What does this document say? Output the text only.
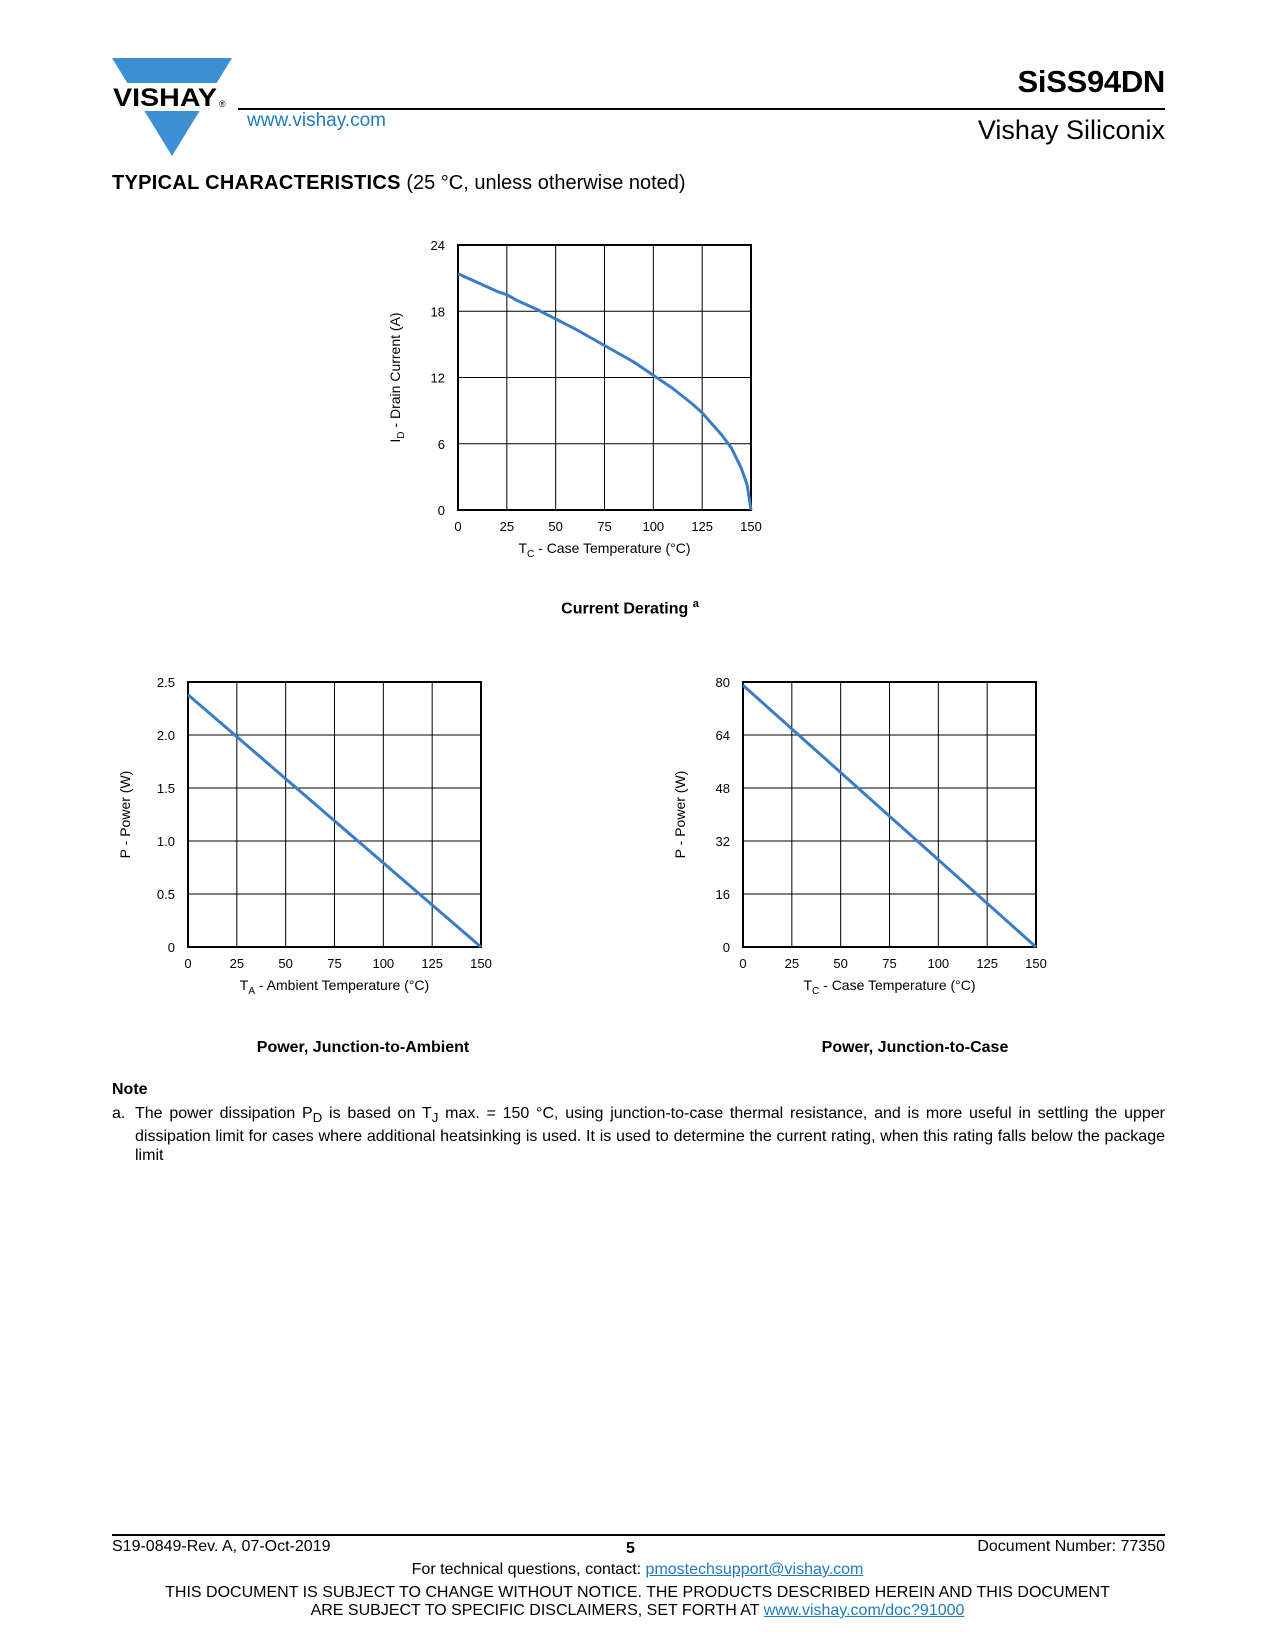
VISHAY ®
www.vishay.com
SiSS94DN
Vishay Siliconix
TYPICAL CHARACTERISTICS (25 °C, unless otherwise noted)
0	25	50	75 100 125 150
0
6
12
18
24
$T_C$ - Case Temperature (°C)
$I_D$ - Drain Current (A)
Current Derating $^a$
0	25	50	75 100 125 150
0
0.5
1.0
1.5
2.0
2.5
$T_A$ - Ambient Temperature (°C)
P - Power (W)
Power, Junction-to-Ambient
0	25	50	75 100 125 150
0
16
32
48
64
80
$T_C$ - Case Temperature (°C)
P - Power (W)
Power, Junction-to-Case
Note
a. The power dissipation $P_D$ is based on $T_J$ max. = 150 °C, using junction-to-case thermal resistance, and is more useful in settling the upper dissipation limit for cases where additional heatsinking is used. It is used to determine the current rating, when this rating falls below the package limit
S19-0849-Rev. A, 07-Oct-2019	5	Document Number: 77350
For technical questions, contact: pmostechsupport@vishay.com
THIS DOCUMENT IS SUBJECT TO CHANGE WITHOUT NOTICE. THE PRODUCTS DESCRIBED HEREIN AND THIS DOCUMENT
ARE SUBJECT TO SPECIFIC DISCLAIMERS, SET FORTH AT www.vishay.com/doc?91000
